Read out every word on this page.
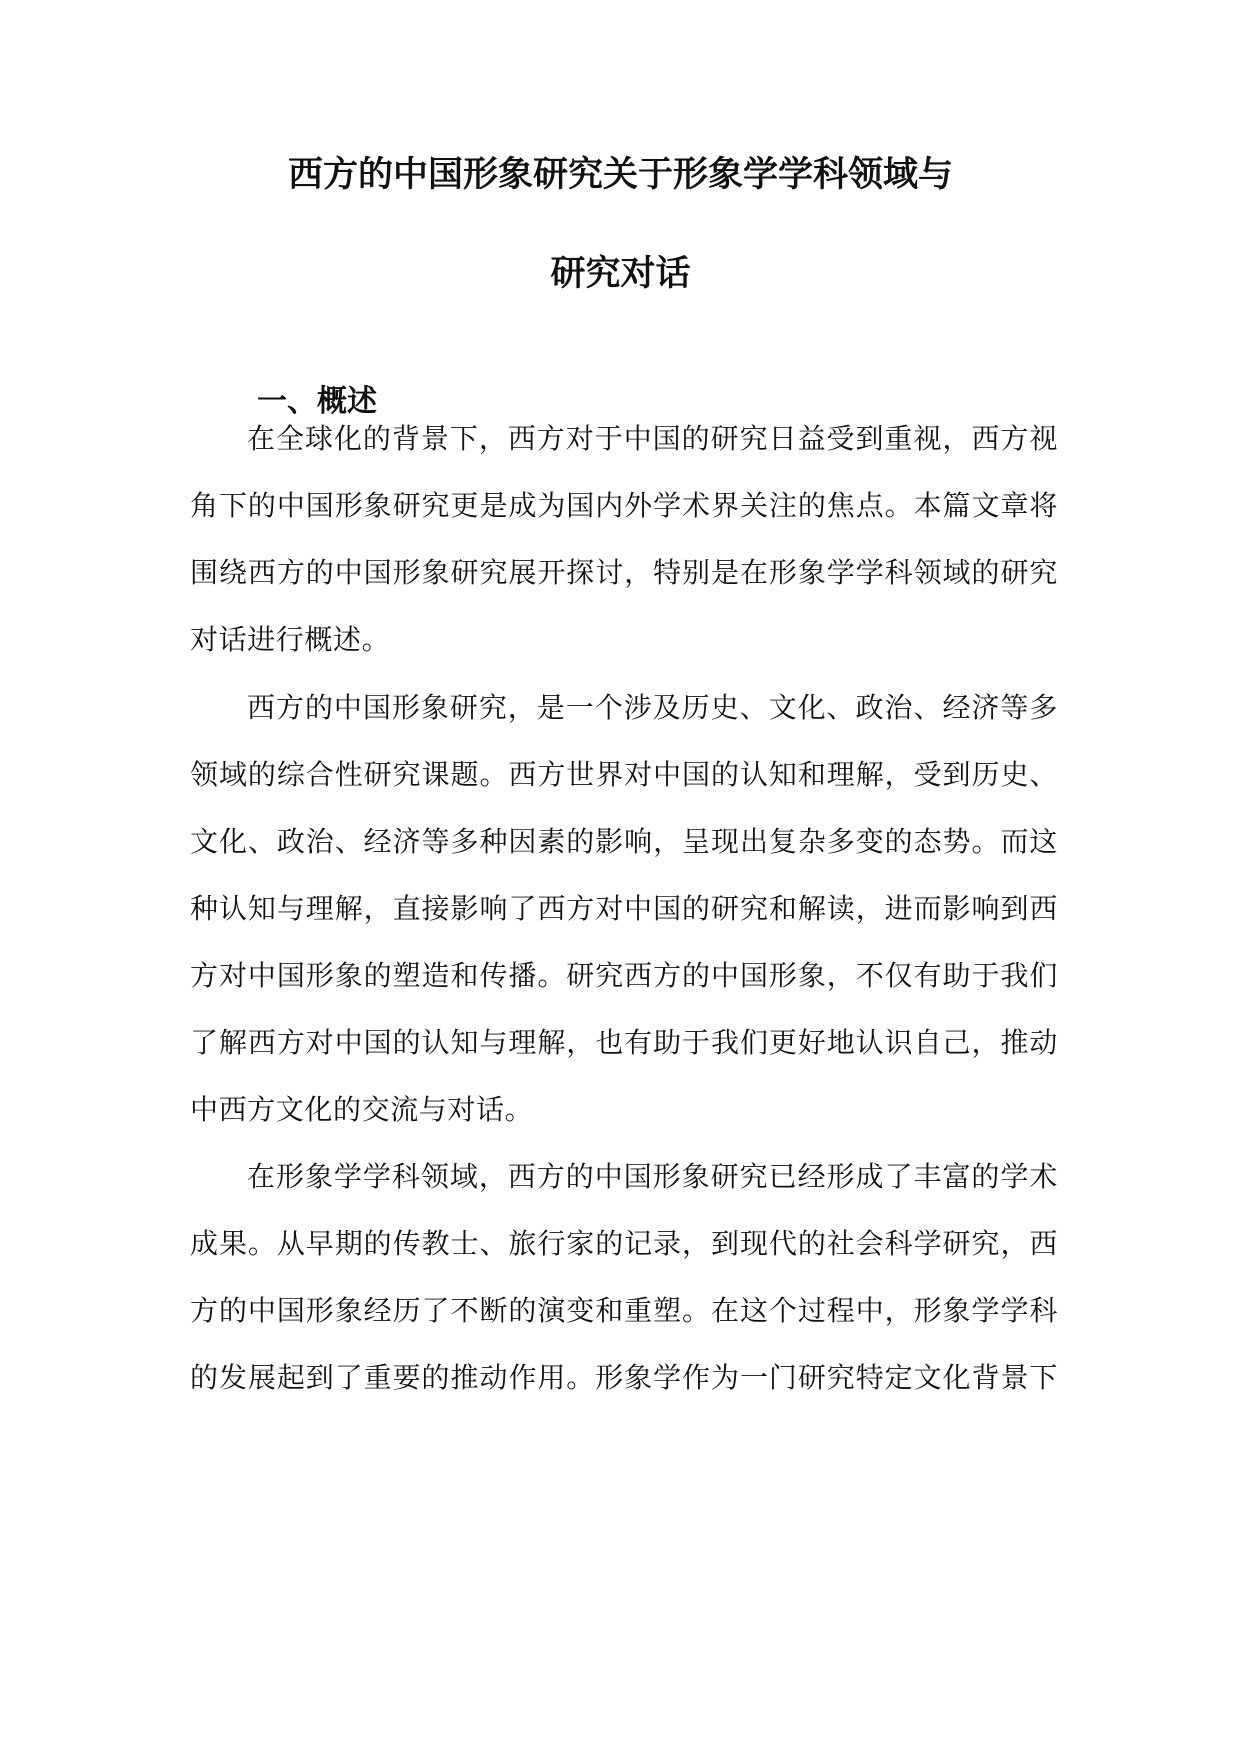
西方的中国形象研究关于形象学学科领域与
研究对话
一、概述
在全球化的背景下，西方对于中国的研究日益受到重视，西方视
角下的中国形象研究更是成为国内外学术界关注的焦点。本篇文章将
围绕西方的中国形象研究展开探讨，特别是在形象学学科领域的研究
对话进行概述。
西方的中国形象研究，是一个涉及历史、文化、政治、经济等多
领域的综合性研究课题。西方世界对中国的认知和理解，受到历史、
文化、政治、经济等多种因素的影响，呈现出复杂多变的态势。而这
种认知与理解，直接影响了西方对中国的研究和解读，进而影响到西
方对中国形象的塑造和传播。研究西方的中国形象，不仅有助于我们
了解西方对中国的认知与理解，也有助于我们更好地认识自己，推动
中西方文化的交流与对话。
在形象学学科领域，西方的中国形象研究已经形成了丰富的学术
成果。从早期的传教士、旅行家的记录，到现代的社会科学研究，西
方的中国形象经历了不断的演变和重塑。在这个过程中，形象学学科
的发展起到了重要的推动作用。形象学作为一门研究特定文化背景下
